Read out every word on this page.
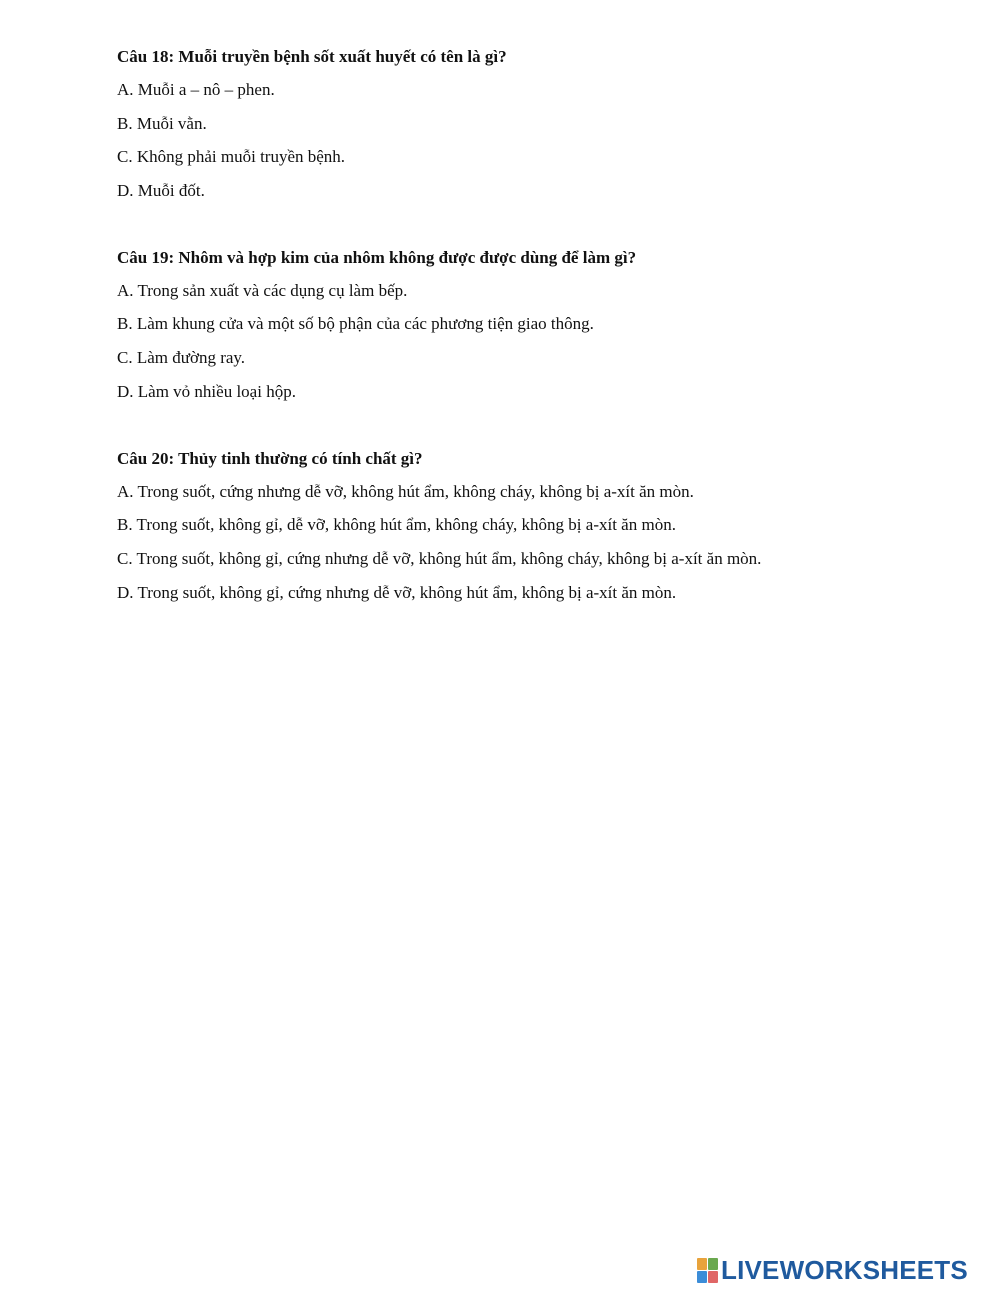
Câu 18: Muỗi truyền bệnh sốt xuất huyết có tên là gì?
A. Muỗi a – nô – phen.
B. Muỗi vằn.
C. Không phải muỗi truyền bệnh.
D. Muỗi đốt.
Câu 19: Nhôm và hợp kim của nhôm không được được dùng để làm gì?
A. Trong sản xuất và các dụng cụ làm bếp.
B. Làm khung cửa và một số bộ phận của các phương tiện giao thông.
C. Làm đường ray.
D. Làm vỏ nhiều loại hộp.
Câu 20: Thủy tinh thường có tính chất gì?
A. Trong suốt, cứng nhưng dễ vỡ, không hút ẩm, không cháy, không bị a-xít ăn mòn.
B. Trong suốt, không gỉ, dễ vỡ, không hút ẩm, không cháy, không bị a-xít ăn mòn.
C. Trong suốt, không gỉ, cứng nhưng dễ vỡ, không hút ẩm, không cháy, không bị a-xít ăn mòn.
D. Trong suốt, không gỉ, cứng nhưng dễ vỡ, không hút ẩm, không bị a-xít ăn mòn.
LIVEWORKSHEETS
